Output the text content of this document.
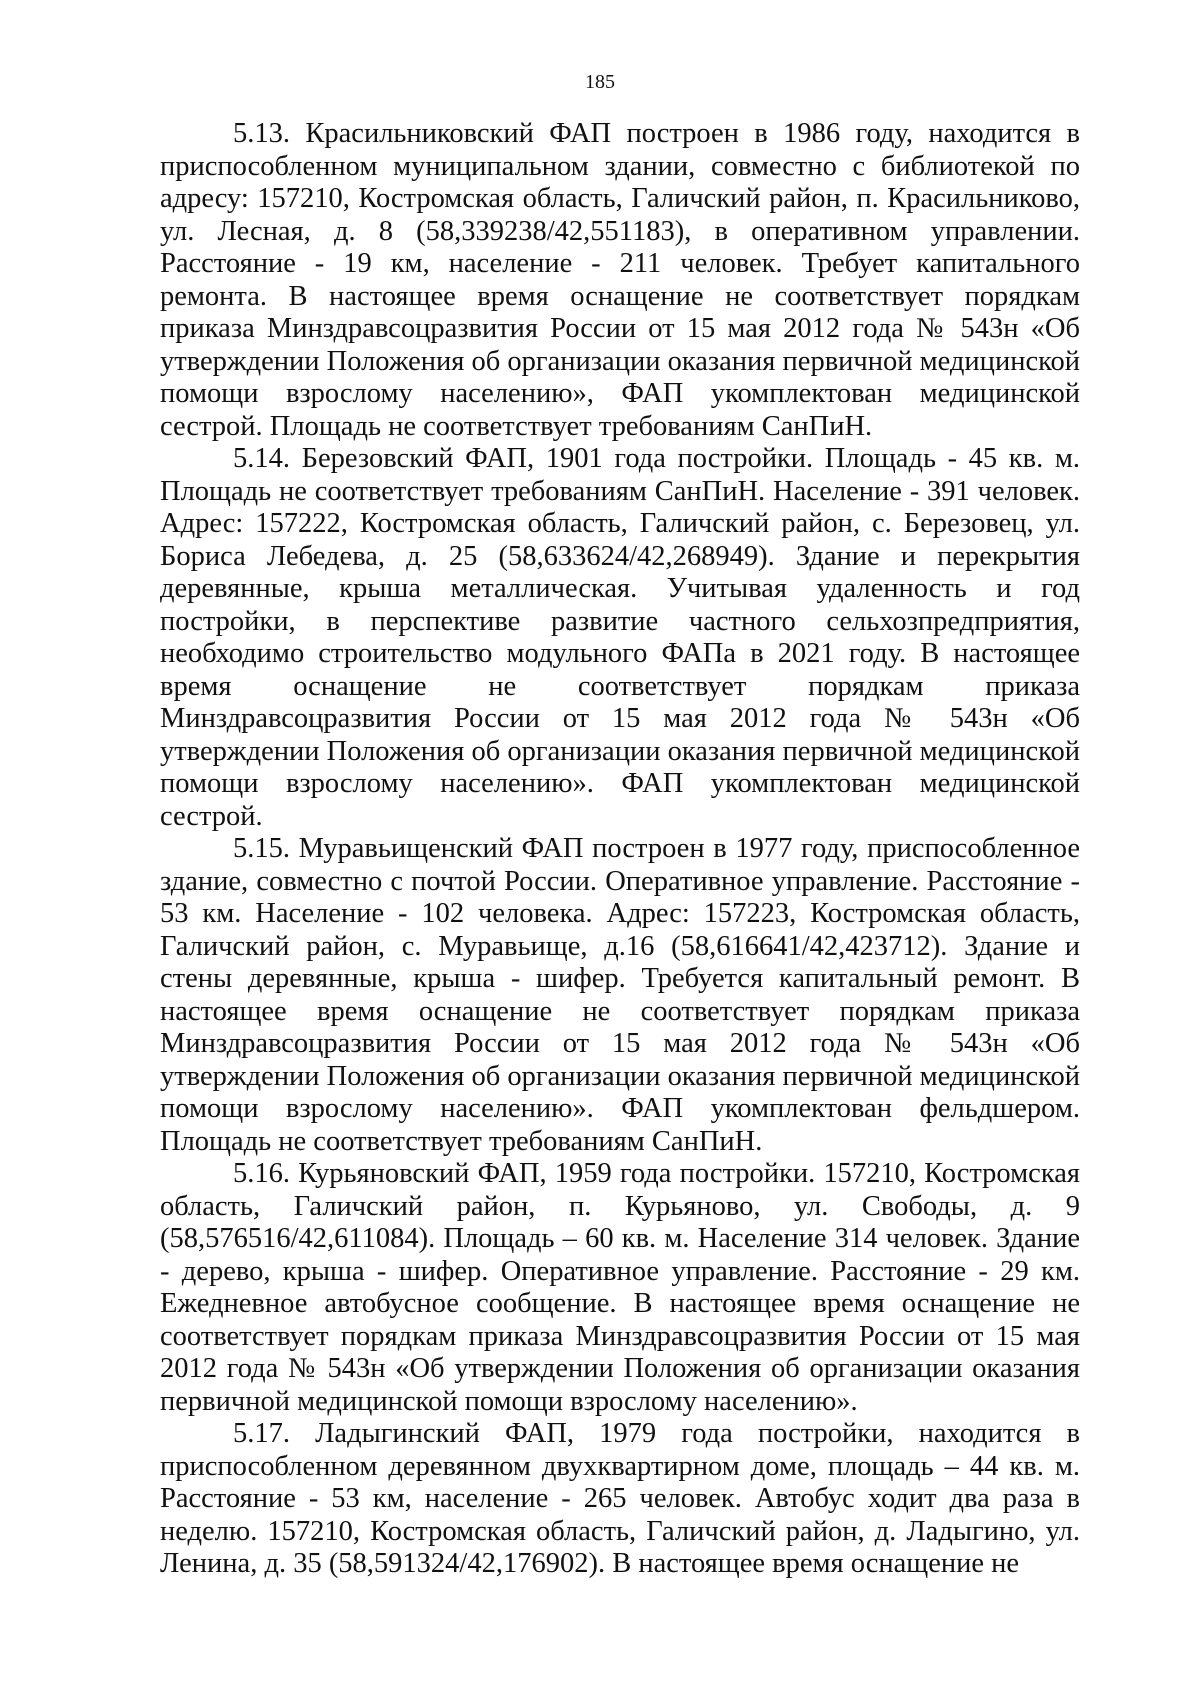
185

5.13. Красильниковский ФАП построен в 1986 году, находится в приспособленном муниципальном здании, совместно с библиотекой по адресу: 157210, Костромская область, Галичский район, п. Красильниково, ул. Лесная, д. 8 (58,339238/42,551183), в оперативном управлении. Расстояние - 19 км, население - 211 человек. Требует капитального ремонта. В настоящее время оснащение не соответствует порядкам приказа Минздравсоцразвития России от 15 мая 2012 года № 543н «Об утверждении Положения об организации оказания первичной медицинской помощи взрослому населению», ФАП укомплектован медицинской сестрой. Площадь не соответствует требованиям СанПиН.

5.14. Березовский ФАП, 1901 года постройки. Площадь - 45 кв. м. Площадь не соответствует требованиям СанПиН. Население - 391 человек. Адрес: 157222, Костромская область, Галичский район, с. Березовец, ул. Бориса Лебедева, д. 25 (58,633624/42,268949). Здание и перекрытия деревянные, крыша металлическая. Учитывая удаленность и год постройки, в перспективе развитие частного сельхозпредприятия, необходимо строительство модульного ФАПа в 2021 году. В настоящее время оснащение не соответствует порядкам приказа Минздравсоцразвития России от 15 мая 2012 года № 543н «Об утверждении Положения об организации оказания первичной медицинской помощи взрослому населению». ФАП укомплектован медицинской сестрой.

5.15. Муравьищенский ФАП построен в 1977 году, приспособленное здание, совместно с почтой России. Оперативное управление. Расстояние - 53 км. Население - 102 человека. Адрес: 157223, Костромская область, Галичский район, с. Муравьище, д.16 (58,616641/42,423712). Здание и стены деревянные, крыша - шифер. Требуется капитальный ремонт. В настоящее время оснащение не соответствует порядкам приказа Минздравсоцразвития России от 15 мая 2012 года № 543н «Об утверждении Положения об организации оказания первичной медицинской помощи взрослому населению». ФАП укомплектован фельдшером. Площадь не соответствует требованиям СанПиН.

5.16. Курьяновский ФАП, 1959 года постройки. 157210, Костромская область, Галичский район, п. Курьяново, ул. Свободы, д. 9 (58,576516/42,611084). Площадь – 60 кв. м. Население 314 человек. Здание - дерево, крыша - шифер. Оперативное управление. Расстояние - 29 км. Ежедневное автобусное сообщение. В настоящее время оснащение не соответствует порядкам приказа Минздравсоцразвития России от 15 мая 2012 года № 543н «Об утверждении Положения об организации оказания первичной медицинской помощи взрослому населению».

5.17. Ладыгинский ФАП, 1979 года постройки, находится в приспособленном деревянном двухквартирном доме, площадь – 44 кв. м. Расстояние - 53 км, население - 265 человек. Автобус ходит два раза в неделю. 157210, Костромская область, Галичский район, д. Ладыгино, ул. Ленина, д. 35 (58,591324/42,176902). В настоящее время оснащение не
